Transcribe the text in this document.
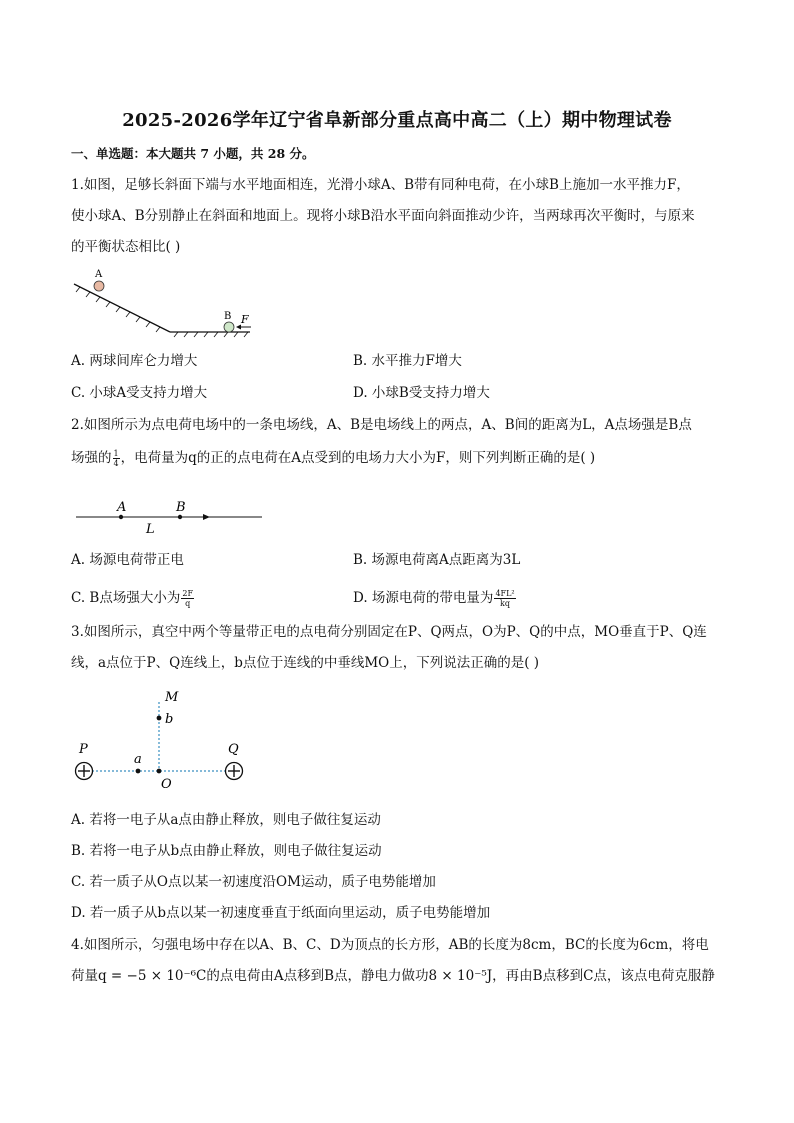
2025-2026学年辽宁省阜新部分重点高中高二（上）期中物理试卷
一、单选题：本大题共 7 小题，共 28 分。
1.如图，足够长斜面下端与水平地面相连，光滑小球A、B带有同种电荷，在小球B上施加一水平推力F，
使小球A、B分别静止在斜面和地面上。现将小球B沿水平面向斜面推动少许，当两球再次平衡时，与原来
的平衡状态相比( )
A
B F
A. 两球间库仑力增大	B. 水平推力F增大
C. 小球A受支持力增大	D. 小球B受支持力增大
2.如图所示为点电荷电场中的一条电场线，A、B是电场线上的两点，A、B间的距离为L，A点场强是B点
场强的 $\frac{1}{4}$ ，电荷量为q的正的点电荷在A点受到的电场力大小为F，则下列判断正确的是( )
A	B
L
A. 场源电荷带正电	B. 场源电荷离A点距离为3L
C. B点场强大小为 $\frac{2F}{q}$	D. 场源电荷的带电量为 $\frac{\text{4FL²}}{kq}$
3.如图所示，真空中两个等量带正电的点电荷分别固定在P、Q两点，O为P、Q的中点，MO垂直于P、Q连
线，a点位于P、Q连线上，b点位于连线的中垂线MO上，下列说法正确的是( )
M
b
P	Q
a
O
A. 若将一电子从a点由静止释放，则电子做往复运动
B. 若将一电子从b点由静止释放，则电子做往复运动
C. 若一质子从O点以某一初速度沿OM运动，质子电势能增加
D. 若一质子从b点以某一初速度垂直于纸面向里运动，质子电势能增加
4.如图所示，匀强电场中存在以A、B、C、D为顶点的长方形，AB的长度为8cm，BC的长度为6cm，将电
荷量q = −5 × 10⁻⁶C的点电荷由A点移到B点，静电力做功8 × 10⁻⁵J，再由B点移到C点，该点电荷克服静
